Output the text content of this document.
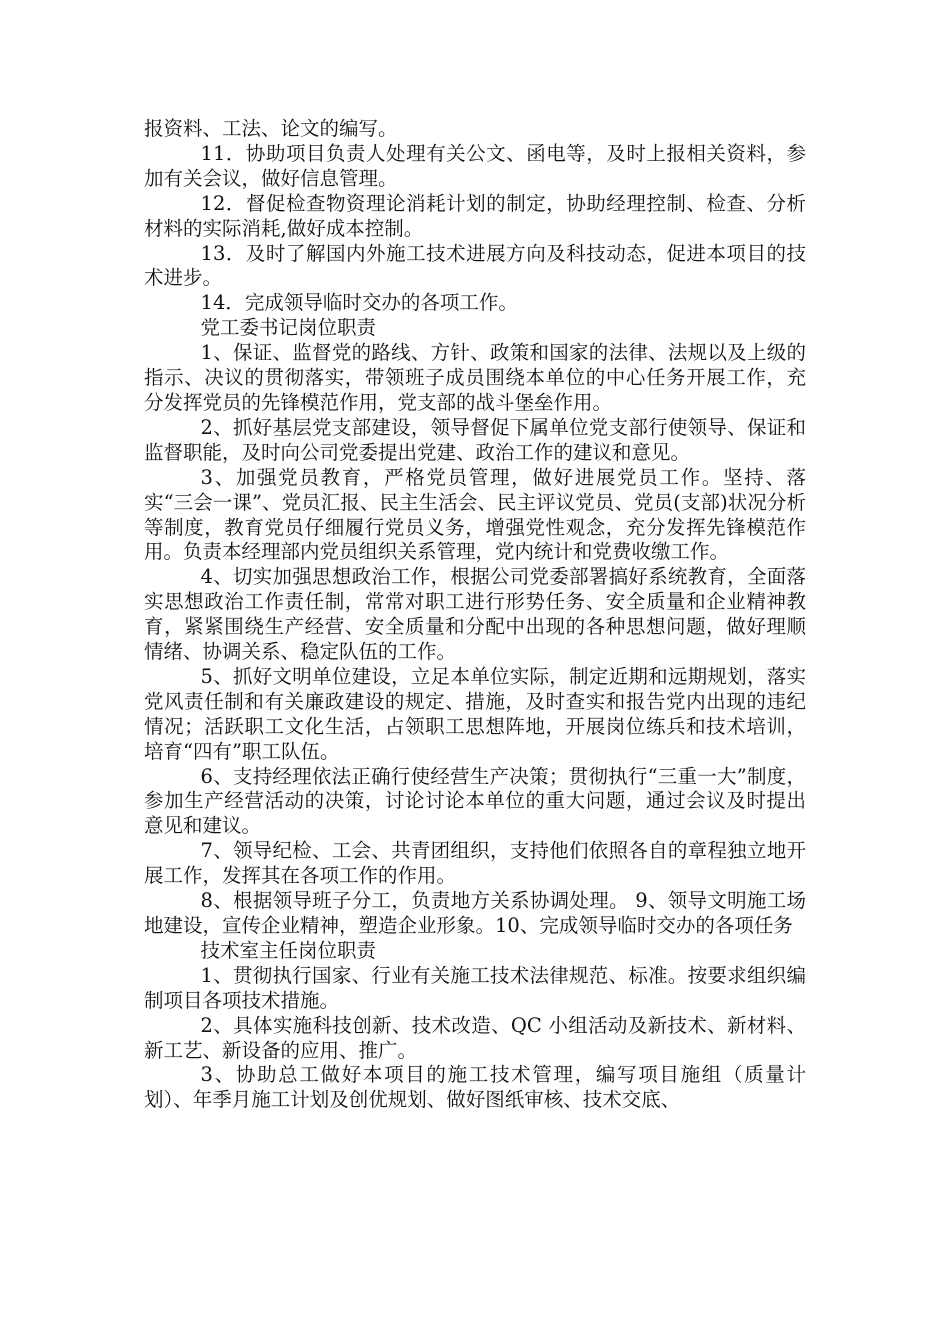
报资料、工法、论文的编写。

11．协助项目负责人处理有关公文、函电等，及时上报相关资料，参加有关会议，做好信息管理。

12．督促检查物资理论消耗计划的制定，协助经理控制、检查、分析材料的实际消耗,做好成本控制。

13．及时了解国内外施工技术进展方向及科技动态，促进本项目的技术进步。

14．完成领导临时交办的各项工作。

党工委书记岗位职责

1、保证、监督党的路线、方针、政策和国家的法律、法规以及上级的指示、决议的贯彻落实，带领班子成员围绕本单位的中心任务开展工作，充分发挥党员的先锋模范作用，党支部的战斗堡垒作用。

2、抓好基层党支部建设，领导督促下属单位党支部行使领导、保证和监督职能，及时向公司党委提出党建、政治工作的建议和意见。

3、加强党员教育，严格党员管理，做好进展党员工作。坚持、落实“三会一课”、党员汇报、民主生活会、民主评议党员、党员(支部)状况分析等制度，教育党员仔细履行党员义务，增强党性观念，充分发挥先锋模范作用。负责本经理部内党员组织关系管理，党内统计和党费收缴工作。

4、切实加强思想政治工作，根据公司党委部署搞好系统教育，全面落实思想政治工作责任制，常常对职工进行形势任务、安全质量和企业精神教育，紧紧围绕生产经营、安全质量和分配中出现的各种思想问题，做好理顺情绪、协调关系、稳定队伍的工作。

5、抓好文明单位建设，立足本单位实际，制定近期和远期规划，落实党风责任制和有关廉政建设的规定、措施，及时查实和报告党内出现的违纪情况；活跃职工文化生活，占领职工思想阵地，开展岗位练兵和技术培训，培育“四有”职工队伍。

6、支持经理依法正确行使经营生产决策；贯彻执行“三重一大”制度，参加生产经营活动的决策，讨论讨论本单位的重大问题，通过会议及时提出意见和建议。

7、领导纪检、工会、共青团组织，支持他们依照各自的章程独立地开展工作，发挥其在各项工作的作用。

8、根据领导班子分工，负责地方关系协调处理。 9、领导文明施工场地建设，宣传企业精神，塑造企业形象。10、完成领导临时交办的各项任务

技术室主任岗位职责

1、贯彻执行国家、行业有关施工技术法律规范、标准。按要求组织编制项目各项技术措施。

2、具体实施科技创新、技术改造、QC 小组活动及新技术、新材料、新工艺、新设备的应用、推广。

3、协助总工做好本项目的施工技术管理，编写项目施组（质量计划）、年季月施工计划及创优规划、做好图纸审核、技术交底、
